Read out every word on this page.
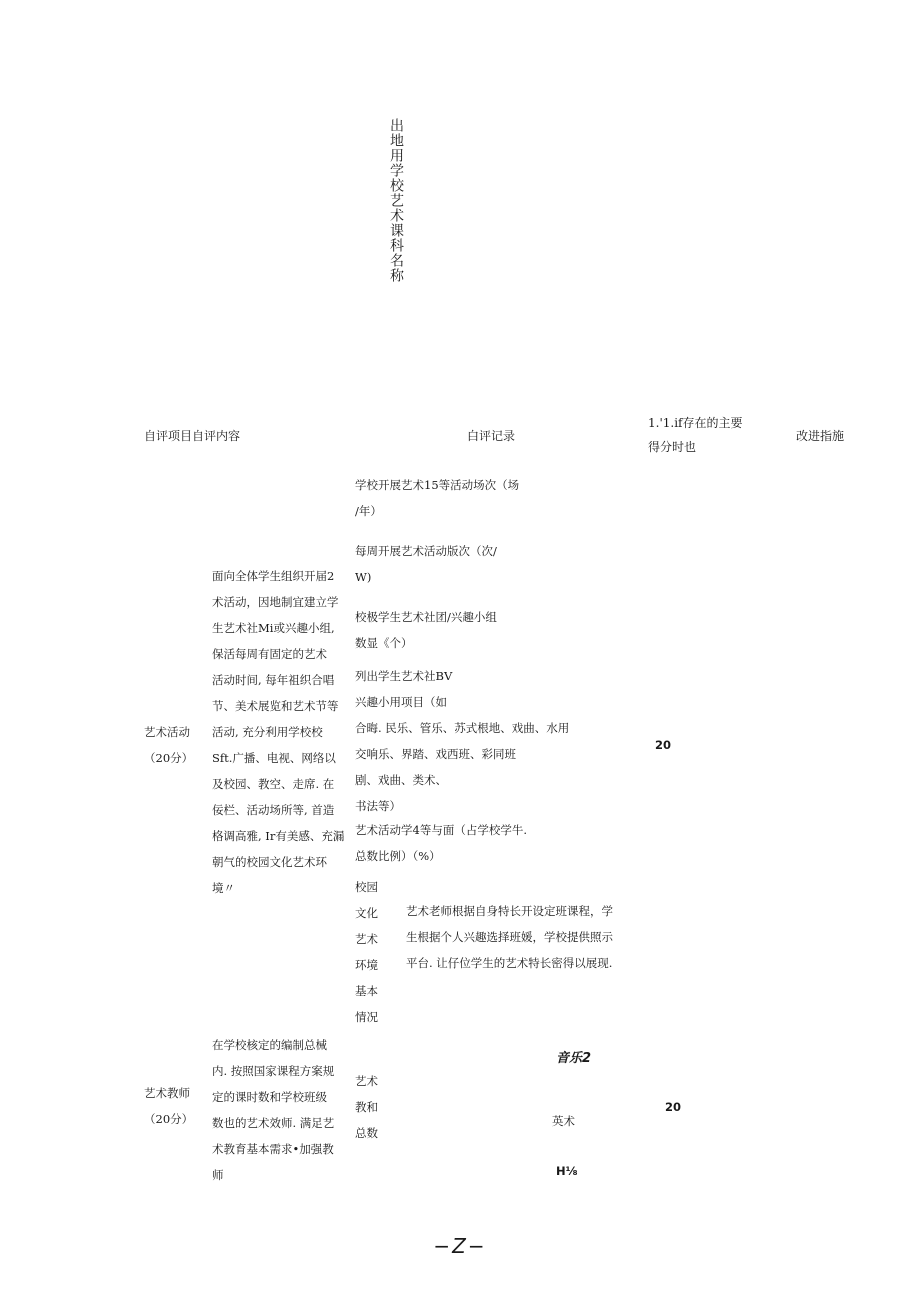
出地用学校艺术课科名称
自评项目自评内容	白评记录
1.'1.if存在的主要
得分时也
改进指施
艺术活动
（20分）
面向全体学生组织开届2
术活动，因地制宜建立学
生艺术社Mi或兴趣小组,
保活每周有固定的艺术
活动时间, 每年祖织合唱
节、美术展览和艺术节等
活动, 充分利用学校校
Sft.广播、电视、网络以
及校园、教空、走席. 在
佞栏、活动场所等, 首造
格调高雅, Ir有美感、充漏
朝气的校园文化艺术环
境〃
学校开展艺术15等活动场次（场
/年）
每周开展艺术活动版次（次/
W)
校极学生艺术社团/兴趣小组
数显《个）
列出学生艺术社BV
兴趣小用项目（如
合晦. 民乐、管乐、苏式根地、戏曲、水用
交响乐、界踏、戏西班、彩同班
剧、戏曲、类术、
书法等）
艺术活动学4等与面（占学校学牛.
总数比例）（%）
校园
文化
艺术
环境
基本
情况
艺术老师根据自身特长开设定班课程，学
生根据个人兴趣选择班媛，学校提供照示
平台. 让仔位学生的艺术特长密得以展现.
20
艺术教师
（20分）
在学校核定的编制总械
内. 按照国家课程方案规
定的课时数和学校班级
数也的艺术效师. 满足艺
术教育基本需求•加强教
师
艺术
教和
总数
音乐2
英术
H⅛
20
−Z−
